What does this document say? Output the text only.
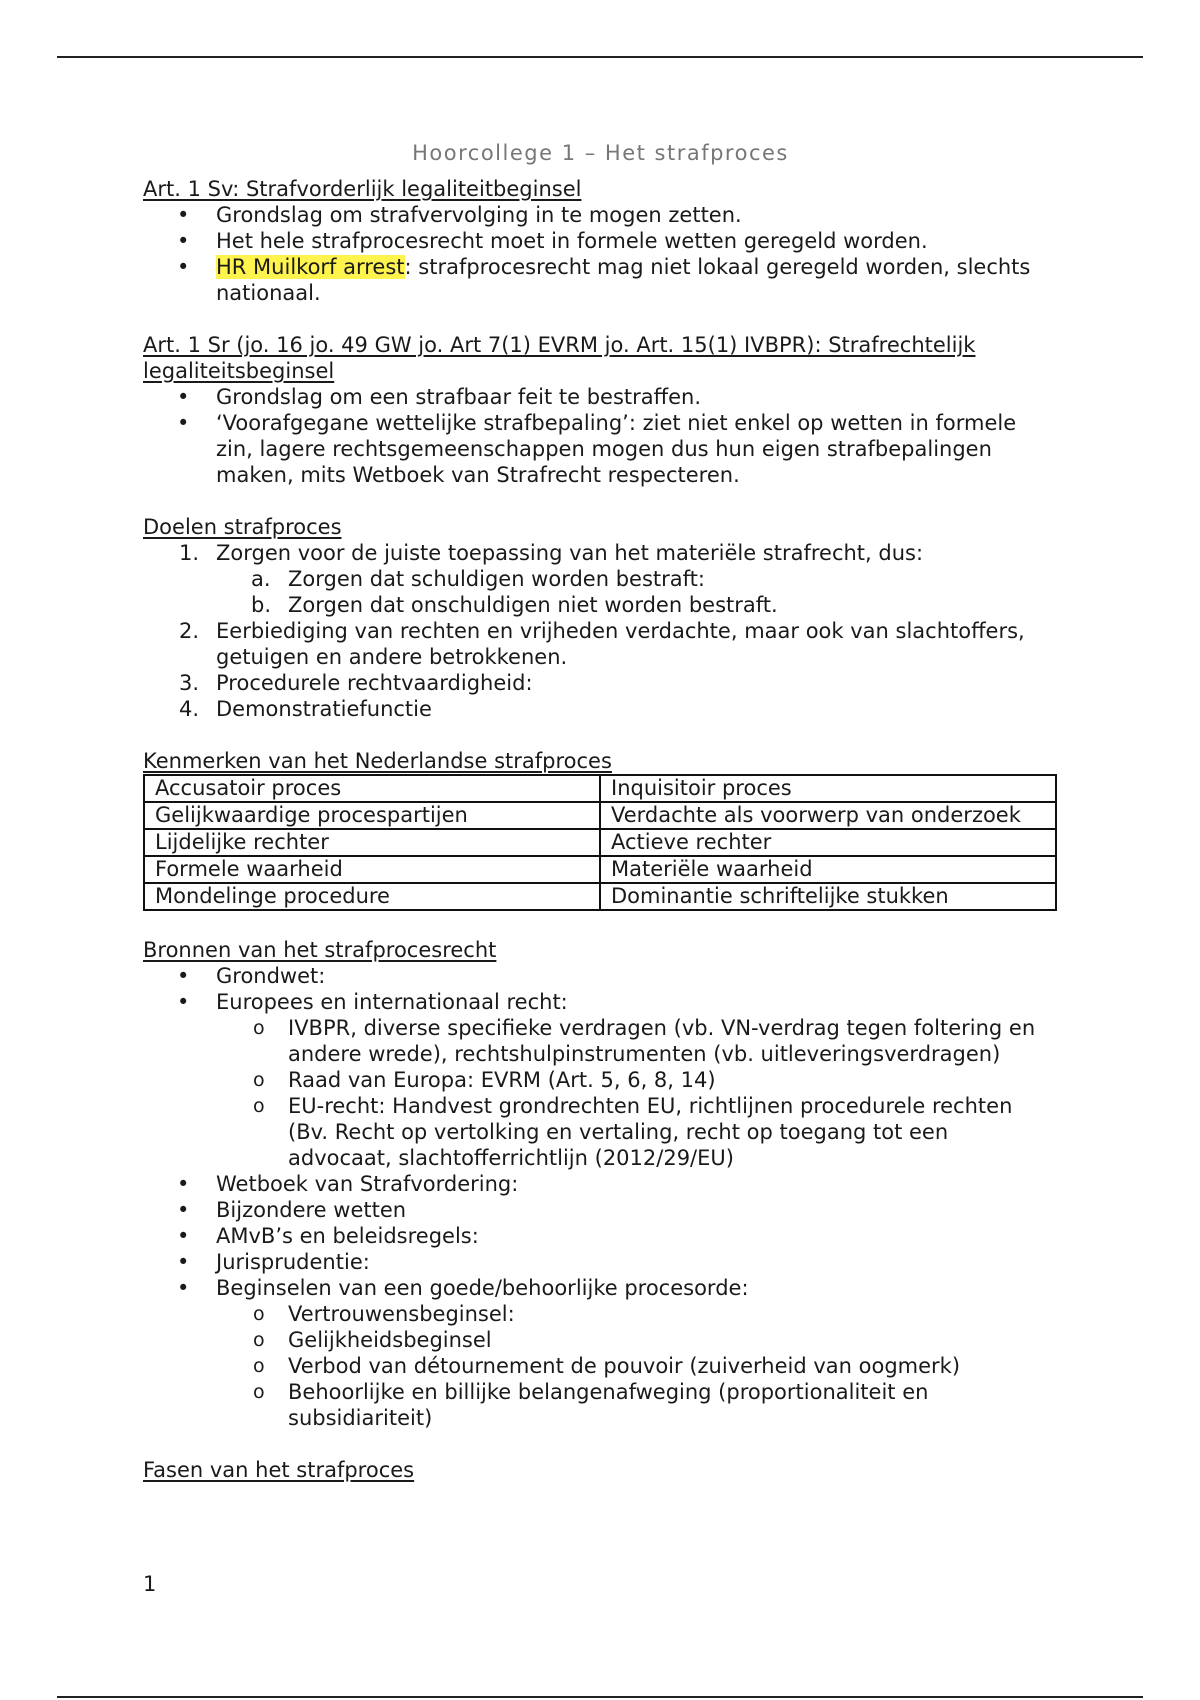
Hoorcollege 1 – Het strafproces
Art. 1 Sv: Strafvorderlijk legaliteitbeginsel
• Grondslag om strafvervolging in te mogen zetten.
• Het hele strafprocesrecht moet in formele wetten geregeld worden.
• HR Muilkorf arrest: strafprocesrecht mag niet lokaal geregeld worden, slechts nationaal.
Art. 1 Sr (jo. 16 jo. 49 GW jo. Art 7(1) EVRM jo. Art. 15(1) IVBPR): Strafrechtelijk
legaliteitsbeginsel
• Grondslag om een strafbaar feit te bestraffen.
• ‘Voorafgegane wettelijke strafbepaling’: ziet niet enkel op wetten in formele zin, lagere rechtsgemeenschappen mogen dus hun eigen strafbepalingen maken, mits Wetboek van Strafrecht respecteren.
Doelen strafproces
1. Zorgen voor de juiste toepassing van het materiële strafrecht, dus:
a. Zorgen dat schuldigen worden bestraft:
b. Zorgen dat onschuldigen niet worden bestraft.
2. Eerbiediging van rechten en vrijheden verdachte, maar ook van slachtoffers, getuigen en andere betrokkenen.
3. Procedurele rechtvaardigheid:
4. Demonstratiefunctie
Kenmerken van het Nederlandse strafproces
Accusatoir proces	Inquisitoir proces
Gelijkwaardige procespartijen	Verdachte als voorwerp van onderzoek
Lijdelijke rechter	Actieve rechter
Formele waarheid	Materiële waarheid
Mondelinge procedure	Dominantie schriftelijke stukken
Bronnen van het strafprocesrecht
• Grondwet:
• Europees en internationaal recht:
o IVBPR, diverse specifieke verdragen (vb. VN-verdrag tegen foltering en andere wrede), rechtshulpinstrumenten (vb. uitleveringsverdragen)
o Raad van Europa: EVRM (Art. 5, 6, 8, 14)
o EU-recht: Handvest grondrechten EU, richtlijnen procedurele rechten (Bv. Recht op vertolking en vertaling, recht op toegang tot een advocaat, slachtofferrichtlijn (2012/29/EU)
• Wetboek van Strafvordering:
• Bijzondere wetten
• AMvB’s en beleidsregels:
• Jurisprudentie:
• Beginselen van een goede/behoorlijke procesorde:
o Vertrouwensbeginsel:
o Gelijkheidsbeginsel
o Verbod van détournement de pouvoir (zuiverheid van oogmerk)
o Behoorlijke en billijke belangenafweging (proportionaliteit en subsidiariteit)
Fasen van het strafproces
1
